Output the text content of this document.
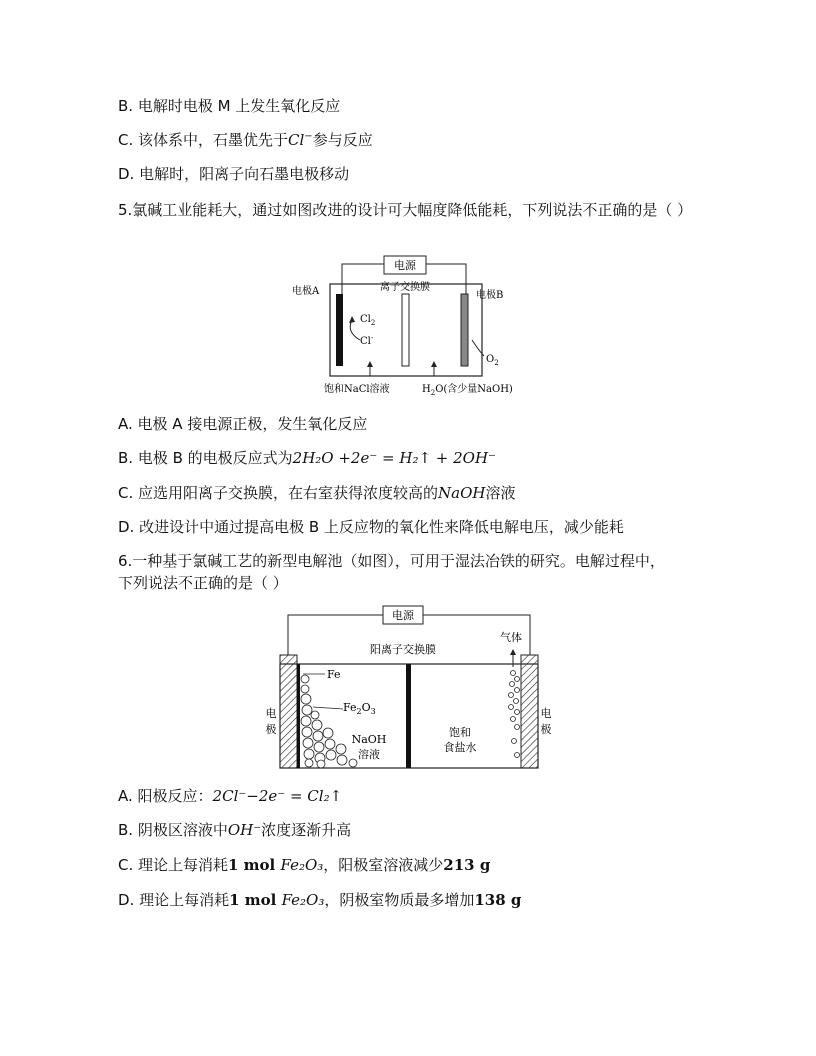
B. 电解时电极 M 上发生氧化反应
C. 该体系中，石墨优先于Cl−参与反应
D. 电解时，阳离子向石墨电极移动
5.氯碱工业能耗大，通过如图改进的设计可大幅度降低能耗，下列说法不正确的是（ ）
电源
离子交换膜
电极A	电极B
$Cl_2$
Cl-
$O_2$
饱和NaCl溶液	$H_2O$(含少量NaOH)
A. 电极 A 接电源正极，发生氧化反应
B. 电极 B 的电极反应式为2H₂O +2e⁻ = H₂↑ + 2OH⁻
C. 应选用阳离子交换膜，在右室获得浓度较高的NaOH溶液
D. 改进设计中通过提高电极 B 上反应物的氧化性来降低电解电压，减少能耗
6.一种基于氯碱工艺的新型电解池（如图），可用于湿法冶铁的研究。电解过程中，
下列说法不正确的是（ ）
电源
Fe
$Fe_2O_3$
阳离子交换膜
气体
电
极
电
极
NaOH
溶液
饱和
食盐水
A. 阳极反应：2Cl⁻−2e⁻ = Cl₂↑
B. 阴极区溶液中OH⁻浓度逐渐升高
C. 理论上每消耗1 mol Fe₂O₃，阳极室溶液减少213 g
D. 理论上每消耗1 mol Fe₂O₃，阴极室物质最多增加138 g
